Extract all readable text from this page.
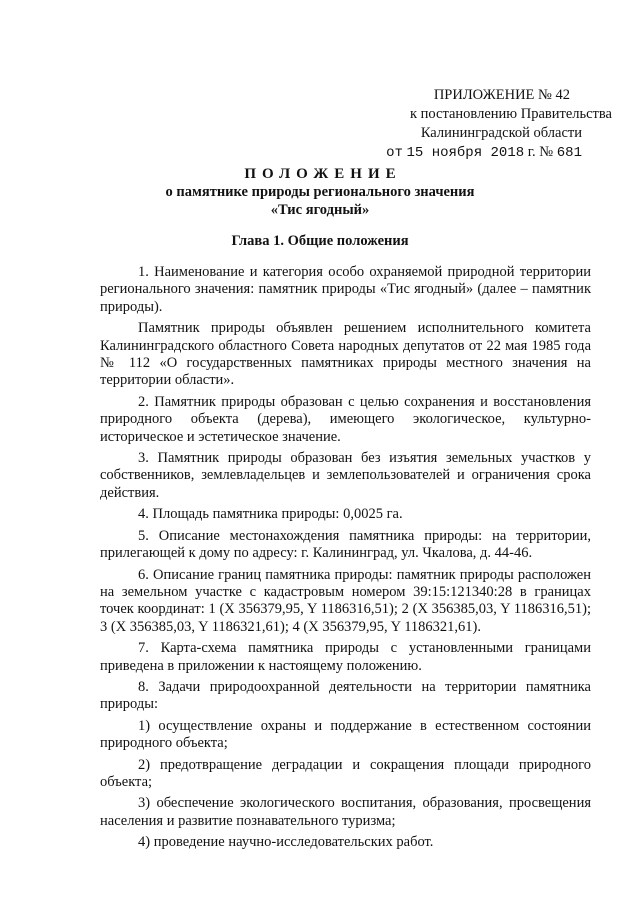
ПРИЛОЖЕНИЕ № 42
к постановлению Правительства
Калининградской области
от 15 ноября 2018 г. № 681
ПОЛОЖЕНИЕ
о памятнике природы регионального значения
«Тис ягодный»
Глава 1. Общие положения

1. Наименование и категория особо охраняемой природной территории регионального значения: памятник природы «Тис ягодный» (далее – памятник природы).

Памятник природы объявлен решением исполнительного комитета Калининградского областного Совета народных депутатов от 22 мая 1985 года № 112 «О государственных памятниках природы местного значения на территории области».

2. Памятник природы образован с целью сохранения и восстановления природного объекта (дерева), имеющего экологическое, культурно-историческое и эстетическое значение.

3. Памятник природы образован без изъятия земельных участков у собственников, землевладельцев и землепользователей и ограничения срока действия.

4. Площадь памятника природы: 0,0025 га.

5. Описание местонахождения памятника природы: на территории, прилегающей к дому по адресу: г. Калининград, ул. Чкалова, д. 44-46.

6. Описание границ памятника природы: памятник природы расположен на земельном участке с кадастровым номером 39:15:121340:28 в границах точек координат: 1 (X 356379,95, Y 1186316,51); 2 (X 356385,03, Y 1186316,51); 3 (X 356385,03, Y 1186321,61); 4 (X 356379,95, Y 1186321,61).

7. Карта-схема памятника природы с установленными границами приведена в приложении к настоящему положению.

8. Задачи природоохранной деятельности на территории памятника природы:

1) осуществление охраны и поддержание в естественном состоянии природного объекта;

2) предотвращение деградации и сокращения площади природного объекта;

3) обеспечение экологического воспитания, образования, просвещения населения и развитие познавательного туризма;

4) проведение научно-исследовательских работ.
